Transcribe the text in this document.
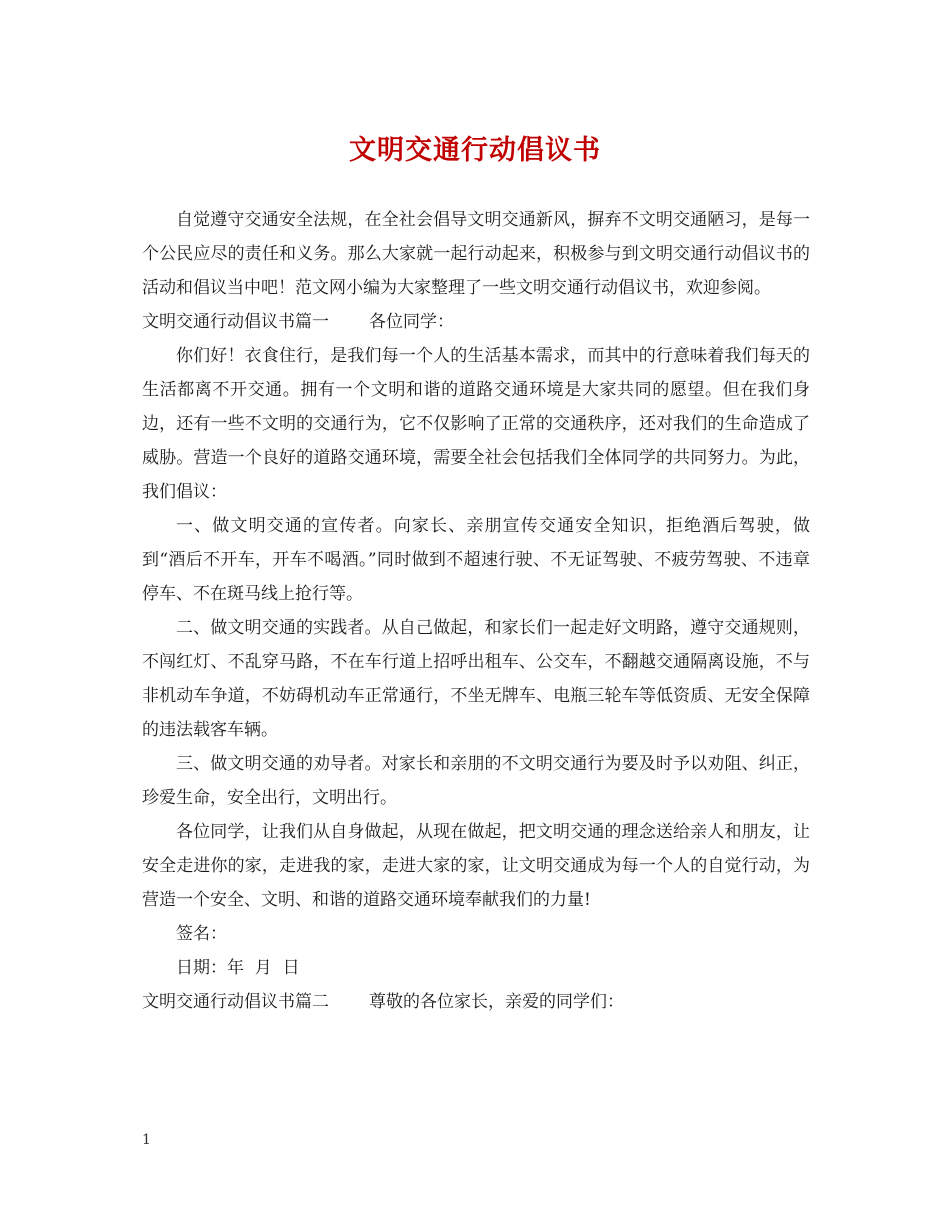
文明交通行动倡议书

自觉遵守交通安全法规，在全社会倡导文明交通新风，摒弃不文明交通陋习，是每一个公民应尽的责任和义务。那么大家就一起行动起来，积极参与到文明交通行动倡议书的活动和倡议当中吧！范文网小编为大家整理了一些文明交通行动倡议书，欢迎参阅。

文明交通行动倡议书篇一 各位同学：

你们好！衣食住行，是我们每一个人的生活基本需求，而其中的行意味着我们每天的生活都离不开交通。拥有一个文明和谐的道路交通环境是大家共同的愿望。但在我们身边，还有一些不文明的交通行为，它不仅影响了正常的交通秩序，还对我们的生命造成了威胁。营造一个良好的道路交通环境，需要全社会包括我们全体同学的共同努力。为此，我们倡议：

一、做文明交通的宣传者。向家长、亲朋宣传交通安全知识，拒绝酒后驾驶，做到“酒后不开车，开车不喝酒。”同时做到不超速行驶、不无证驾驶、不疲劳驾驶、不违章停车、不在斑马线上抢行等。

二、做文明交通的实践者。从自己做起，和家长们一起走好文明路，遵守交通规则，不闯红灯、不乱穿马路，不在车行道上招呼出租车、公交车，不翻越交通隔离设施，不与非机动车争道，不妨碍机动车正常通行，不坐无牌车、电瓶三轮车等低资质、无安全保障的违法载客车辆。

三、做文明交通的劝导者。对家长和亲朋的不文明交通行为要及时予以劝阻、纠正，珍爱生命，安全出行，文明出行。

各位同学，让我们从自身做起，从现在做起，把文明交通的理念送给亲人和朋友，让安全走进你的家，走进我的家，走进大家的家，让文明交通成为每一个人的自觉行动，为营造一个安全、文明、和谐的道路交通环境奉献我们的力量!

签名：

日期：年  月  日

文明交通行动倡议书篇二 尊敬的各位家长，亲爱的同学们：

1
